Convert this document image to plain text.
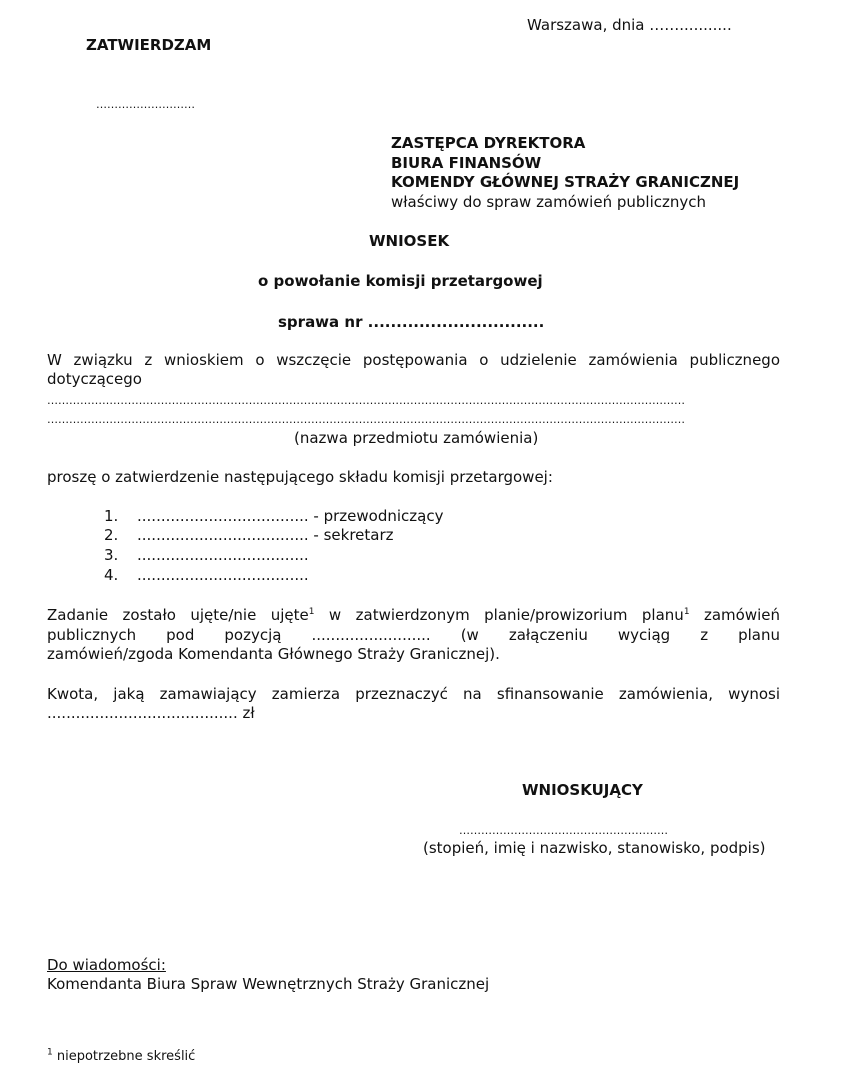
Warszawa, dnia ……...........
ZATWIERDZAM
………………………
ZASTĘPCA DYREKTORA
BIURA FINANSÓW
KOMENDY GŁÓWNEJ STRAŻY GRANICZNEJ
właściwy do spraw zamówień publicznych
WNIOSEK
o powołanie komisji przetargowej
sprawa nr ...............................
W związku z wnioskiem o wszczęcie postępowania o udzielenie zamówienia publicznego
dotyczącego
…………………………………………………………………………………………………………………………………………………………
…………………………………………………………………………………………………………………………………………………………
(nazwa przedmiotu zamówienia)
proszę o zatwierdzenie następującego składu komisji przetargowej:
1. .................................... - przewodniczący
2. .................................... - sekretarz
3. ....................................
4. ....................................
Zadanie zostało ujęte/nie ujęte$^1$ w zatwierdzonym planie/prowizorium planu$^1$ zamówień
publicznych pod pozycją ......................... (w załączeniu wyciąg z planu
zamówień/zgoda Komendanta Głównego Straży Granicznej).
Kwota, jaką zamawiający zamierza przeznaczyć na sfinansowanie zamówienia, wynosi
........................................ zł
WNIOSKUJĄCY
…………………………………………………
(stopień, imię i nazwisko, stanowisko, podpis)
Do wiadomości:
Komendanta Biura Spraw Wewnętrznych Straży Granicznej
$^1$ niepotrzebne skreślić
